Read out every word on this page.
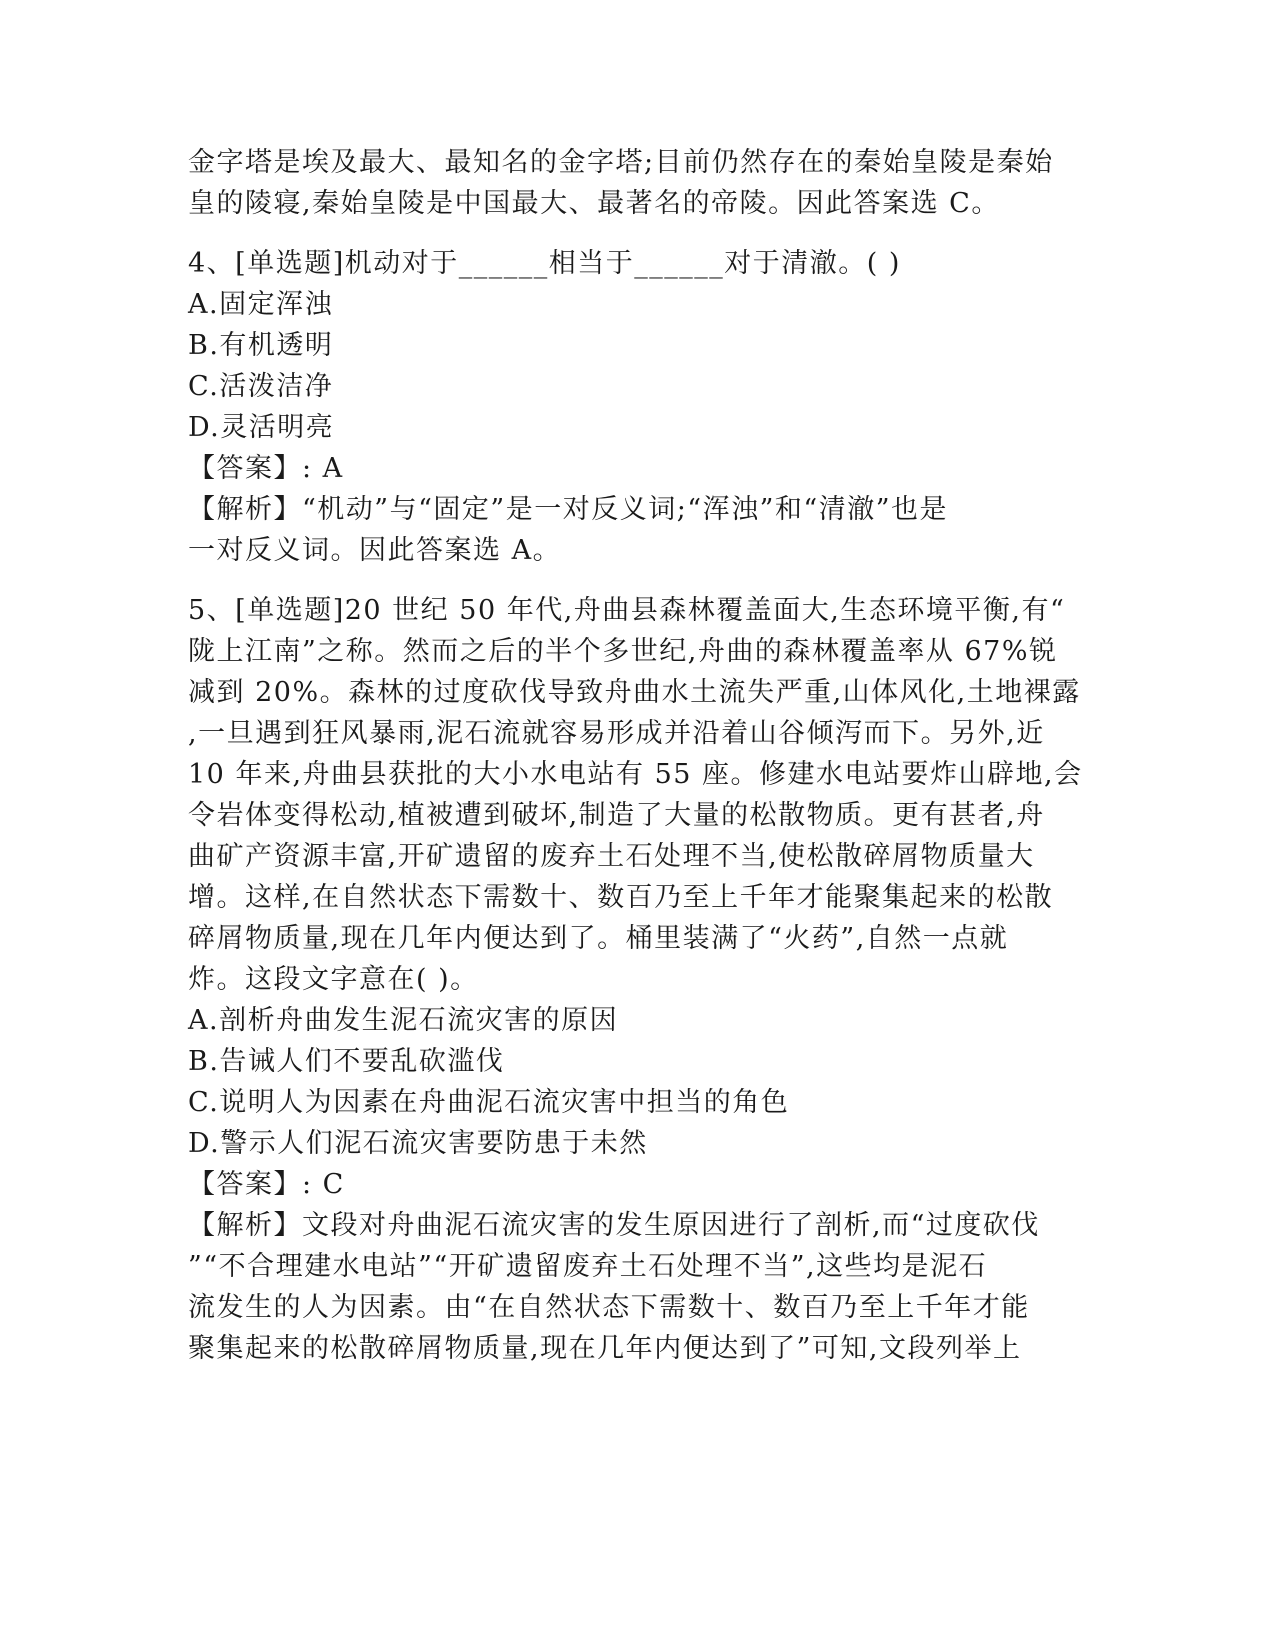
金字塔是埃及最大、最知名的金字塔;目前仍然存在的秦始皇陵是秦始
皇的陵寝,秦始皇陵是中国最大、最著名的帝陵。因此答案选 C。
4、[单选题]机动对于______相当于______对于清澈。( )
A.固定浑浊
B.有机透明
C.活泼洁净
D.灵活明亮
【答案】: A
【解析】“机动”与“固定”是一对反义词;“浑浊”和“清澈”也是
一对反义词。因此答案选 A。
5、[单选题]20 世纪 50 年代,舟曲县森林覆盖面大,生态环境平衡,有“
陇上江南”之称。然而之后的半个多世纪,舟曲的森林覆盖率从 67%锐
减到 20%。森林的过度砍伐导致舟曲水土流失严重,山体风化,土地裸露
,一旦遇到狂风暴雨,泥石流就容易形成并沿着山谷倾泻而下。另外,近
10 年来,舟曲县获批的大小水电站有 55 座。修建水电站要炸山辟地,会
令岩体变得松动,植被遭到破坏,制造了大量的松散物质。更有甚者,舟
曲矿产资源丰富,开矿遗留的废弃土石处理不当,使松散碎屑物质量大
增。这样,在自然状态下需数十、数百乃至上千年才能聚集起来的松散
碎屑物质量,现在几年内便达到了。桶里装满了“火药”,自然一点就
炸。这段文字意在( )。
A.剖析舟曲发生泥石流灾害的原因
B.告诫人们不要乱砍滥伐
C.说明人为因素在舟曲泥石流灾害中担当的角色
D.警示人们泥石流灾害要防患于未然
【答案】: C
【解析】文段对舟曲泥石流灾害的发生原因进行了剖析,而“过度砍伐
”“不合理建水电站”“开矿遗留废弃土石处理不当”,这些均是泥石
流发生的人为因素。由“在自然状态下需数十、数百乃至上千年才能
聚集起来的松散碎屑物质量,现在几年内便达到了”可知,文段列举上
